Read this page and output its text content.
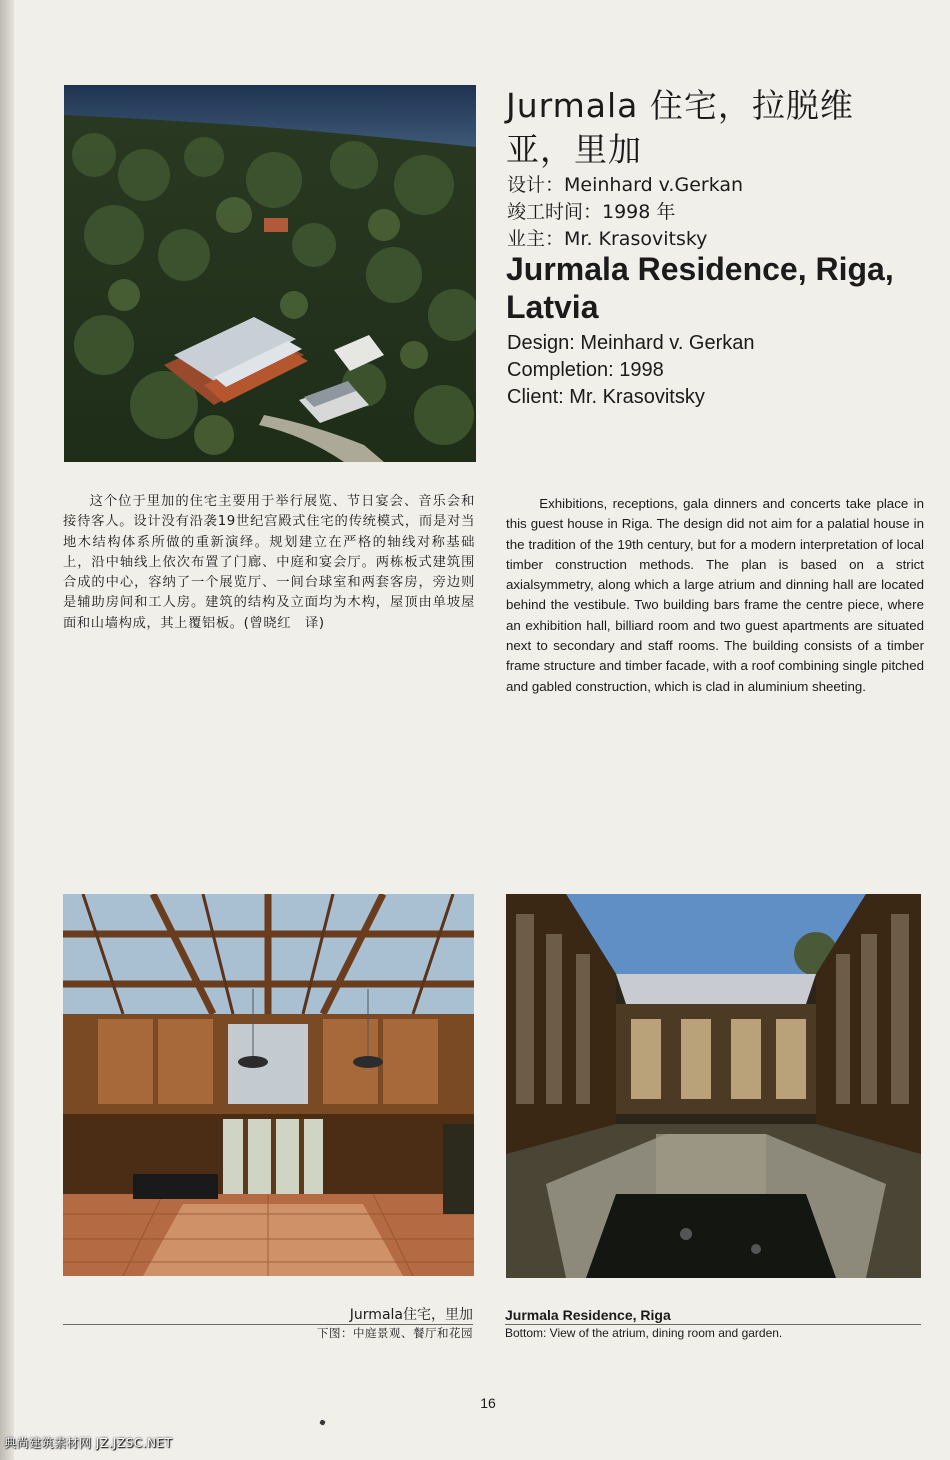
Jurmala 住宅，拉脱维亚，里加
设计：Meinhard v.Gerkan
竣工时间：1998 年
业主：Mr. Krasovitsky
Jurmala Residence, Riga, Latvia
Design: Meinhard v. Gerkan
Completion: 1998
Client: Mr. Krasovitsky

这个位于里加的住宅主要用于举行展览、节日宴会、音乐会和接待客人。设计没有沿袭19世纪宫殿式住宅的传统模式，而是对当地木结构体系所做的重新演绎。规划建立在严格的轴线对称基础上，沿中轴线上依次布置了门廊、中庭和宴会厅。两栋板式建筑围合成的中心，容纳了一个展览厅、一间台球室和两套客房，旁边则是辅助房间和工人房。建筑的结构及立面均为木构，屋顶由单坡屋面和山墙构成，其上覆铝板。(曾晓红　译)

Exhibitions, receptions, gala dinners and concerts take place in this guest house in Riga. The design did not aim for a palatial house in the tradition of the 19th century, but for a modern interpretation of local timber construction methods. The plan is based on a strict axialsymmetry, along which a large atrium and dinning hall are located behind the vestibule. Two building bars frame the centre piece, where an exhibition hall, billiard room and two guest apartments are situated next to secondary and staff rooms. The building consists of a timber frame structure and timber facade, with a roof combining single pitched and gabled construction, which is clad in aluminium sheeting.

Jurmala住宅，里加
下图：中庭景观、餐厅和花园
Jurmala Residence, Riga
Bottom: View of the atrium, dining room and garden.
16
典尚建筑素材网 JZ.JZSC.NET
